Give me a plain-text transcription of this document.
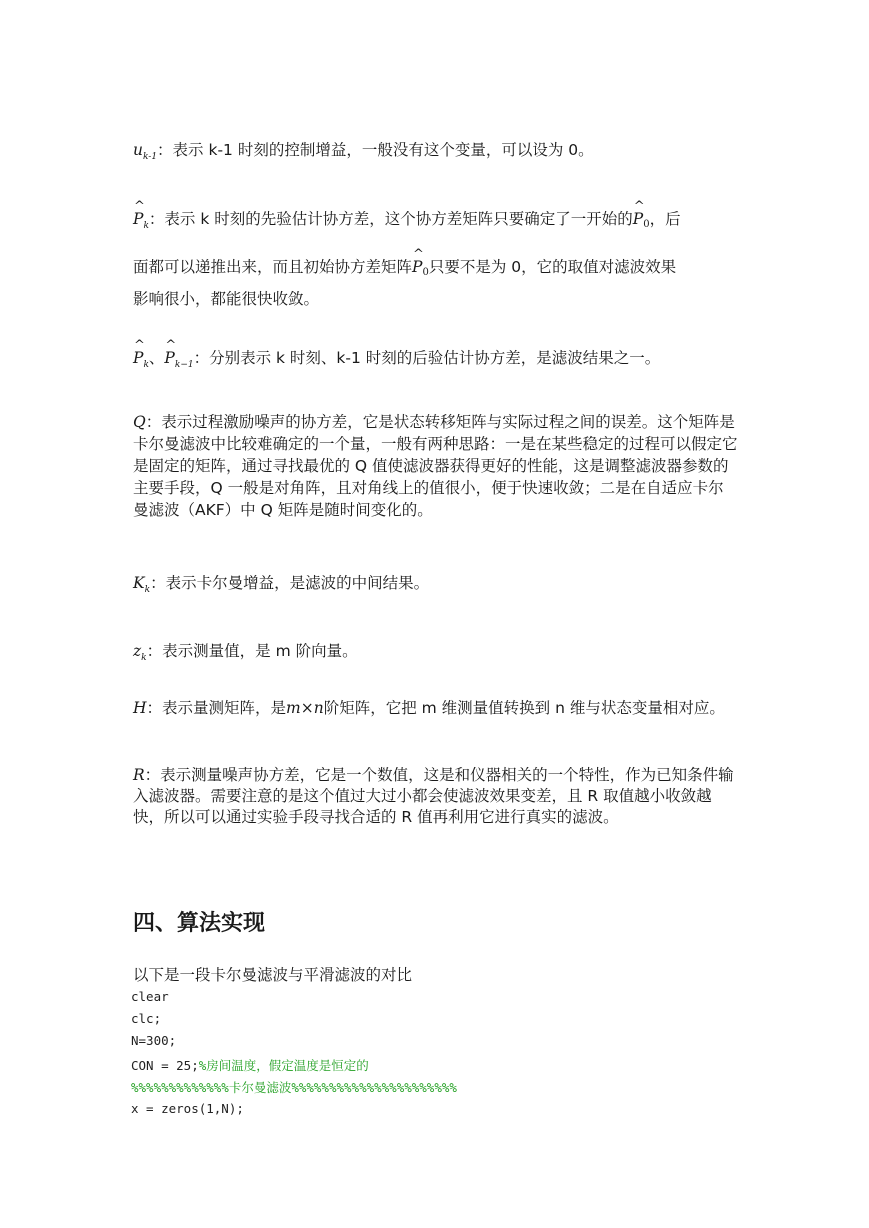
$u_{k-1}$：表示 k-1 时刻的控制增益，一般没有这个变量，可以设为 0。
^ $P_k$：表示 k 时刻的先验估计协方差，这个协方差矩阵只要确定了一开始的^ P0，后
面都可以递推出来，而且初始协方差矩阵^ P0只要不是为 0，它的取值对滤波效果
影响很小，都能很快收敛。
^ $P_k$、^ $P_{k-1}$：分别表示 k 时刻、k-1 时刻的后验估计协方差，是滤波结果之一。
Q：表示过程激励噪声的协方差，它是状态转移矩阵与实际过程之间的误差。这个矩阵是卡尔曼滤波中比较难确定的一个量，一般有两种思路：一是在某些稳定的过程可以假定它是固定的矩阵，通过寻找最优的 Q 值使滤波器获得更好的性能，这是调整滤波器参数的主要手段，Q 一般是对角阵，且对角线上的值很小，便于快速收敛；二是在自适应卡尔曼滤波（AKF）中 Q 矩阵是随时间变化的。
$K_k$：表示卡尔曼增益，是滤波的中间结果。
$z_k$：表示测量值，是 m 阶向量。
H：表示量测矩阵，是m×n阶矩阵，它把 m 维测量值转换到 n 维与状态变量相对应。
R：表示测量噪声协方差，它是一个数值，这是和仪器相关的一个特性，作为已知条件输入滤波器。需要注意的是这个值过大过小都会使滤波效果变差，且 R 取值越小收敛越快，所以可以通过实验手段寻找合适的 R 值再利用它进行真实的滤波。
四、算法实现
以下是一段卡尔曼滤波与平滑滤波的对比
clear
clc;
N=300;
CON = 25;%房间温度，假定温度是恒定的
%%%%%%%%%%%%%卡尔曼滤波%%%%%%%%%%%%%%%%%%%%%%
x = zeros(1,N);
